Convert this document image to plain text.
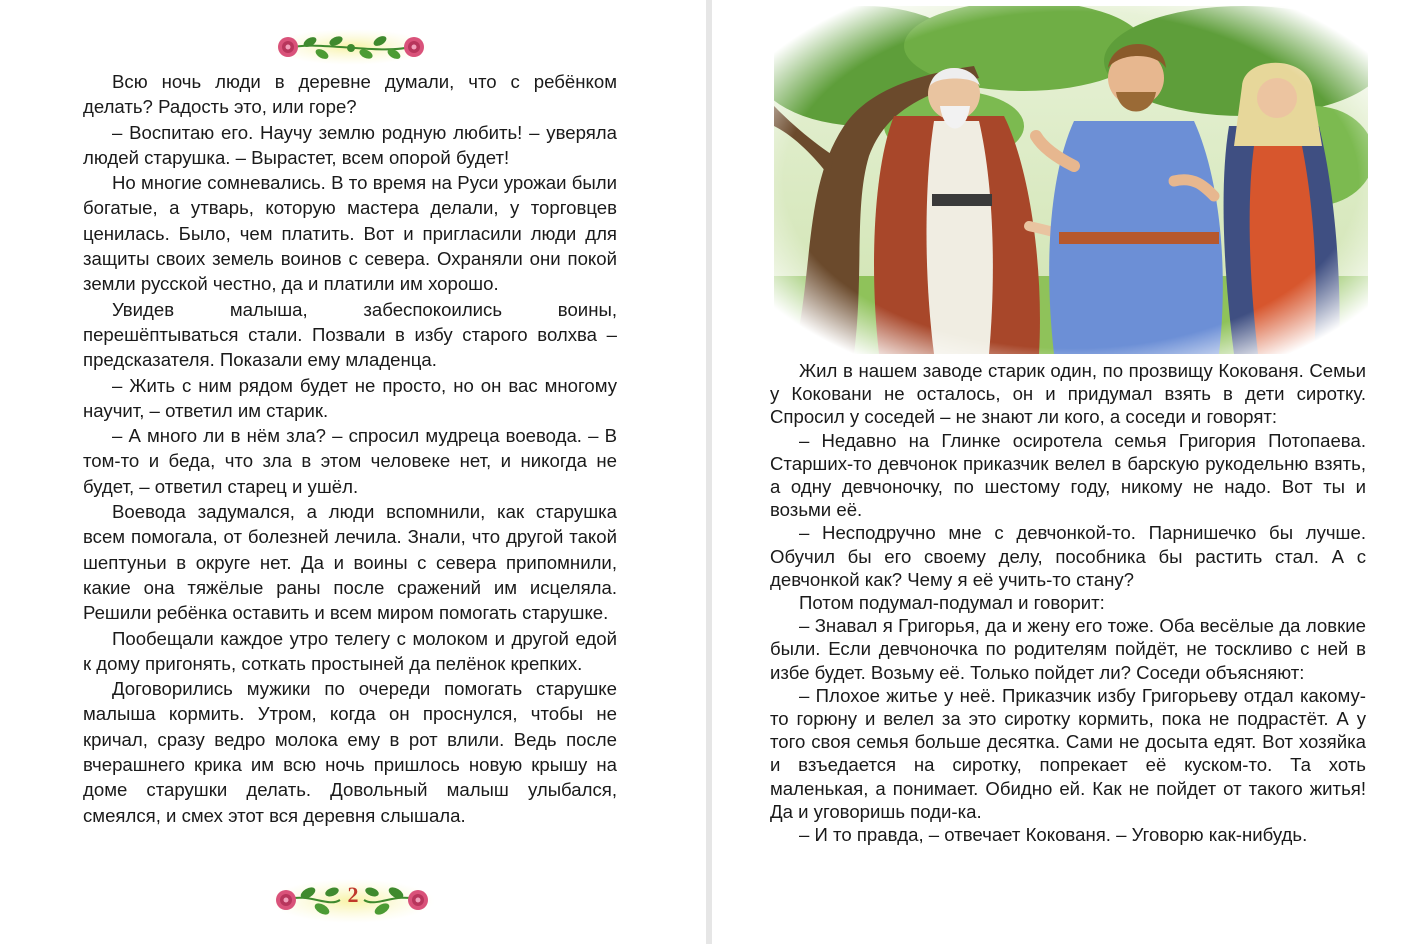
Всю ночь люди в деревне думали, что с ребёнком делать? Радость это, или горе?

– Воспитаю его. Научу землю родную любить! – уверяла людей старушка. – Вырастет, всем опорой будет!

Но многие сомневались. В то время на Руси урожаи были богатые, а утварь, которую мастера делали, у торговцев ценилась. Было, чем платить. Вот и пригласили люди для защиты своих земель воинов с севера. Охраняли они покой земли русской честно, да и платили им хорошо.

Увидев малыша, забеспокоились воины, перешёптываться стали. Позвали в избу старого волхва – предсказателя. Показали ему младенца.

– Жить с ним рядом будет не просто, но он вас многому научит, – ответил им старик.

– А много ли в нём зла? – спросил мудреца воевода. – В том-то и беда, что зла в этом человеке нет, и никогда не будет, – ответил старец и ушёл.

Воевода задумался, а люди вспомнили, как старушка всем помогала, от болезней лечила. Знали, что другой такой шептуньи в округе нет. Да и воины с севера припомнили, какие она тяжёлые раны после сражений им исцеляла. Решили ребёнка оставить и всем миром помогать старушке.

Пообещали каждое утро телегу с молоком и другой едой к дому пригонять, соткать простыней да пелёнок крепких.

Договорились мужики по очереди помогать старушке малыша кормить. Утром, когда он проснулся, чтобы не кричал, сразу ведро молока ему в рот влили. Ведь после вчерашнего крика им всю ночь пришлось новую крышу на доме старушки делать. Довольный малыш улыбался, смеялся, и смех этот вся деревня слышала.

2

Жил в нашем заводе старик один, по прозвищу Кокованя. Семьи у Коковани не осталось, он и придумал взять в дети сиротку. Спросил у соседей – не знают ли кого, а соседи и говорят:

– Недавно на Глинке осиротела семья Григория Потопаева. Старших-то девчонок приказчик велел в барскую рукодельню взять, а одну девчоночку, по шестому году, никому не надо. Вот ты и возьми её.

– Несподручно мне с девчонкой-то. Парнишечко бы лучше. Обучил бы его своему делу, пособника бы растить стал. А с девчонкой как? Чему я её учить-то стану?

Потом подумал-подумал и говорит:

– Знавал я Григорья, да и жену его тоже. Оба весёлые да ловкие были. Если девчоночка по родителям пойдёт, не тоскливо с ней в избе будет. Возьму её. Только пойдет ли? Соседи объясняют:

– Плохое житье у неё. Приказчик избу Григорьеву отдал какому-то горюну и велел за это сиротку кормить, пока не подрастёт. А у того своя семья больше десятка. Сами не досыта едят. Вот хозяйка и взъедается на сиротку, попрекает её куском-то. Та хоть маленькая, а понимает. Обидно ей. Как не пойдет от такого житья! Да и уговоришь поди-ка.

– И то правда, – отвечает Кокованя. – Уговорю как-нибудь.
